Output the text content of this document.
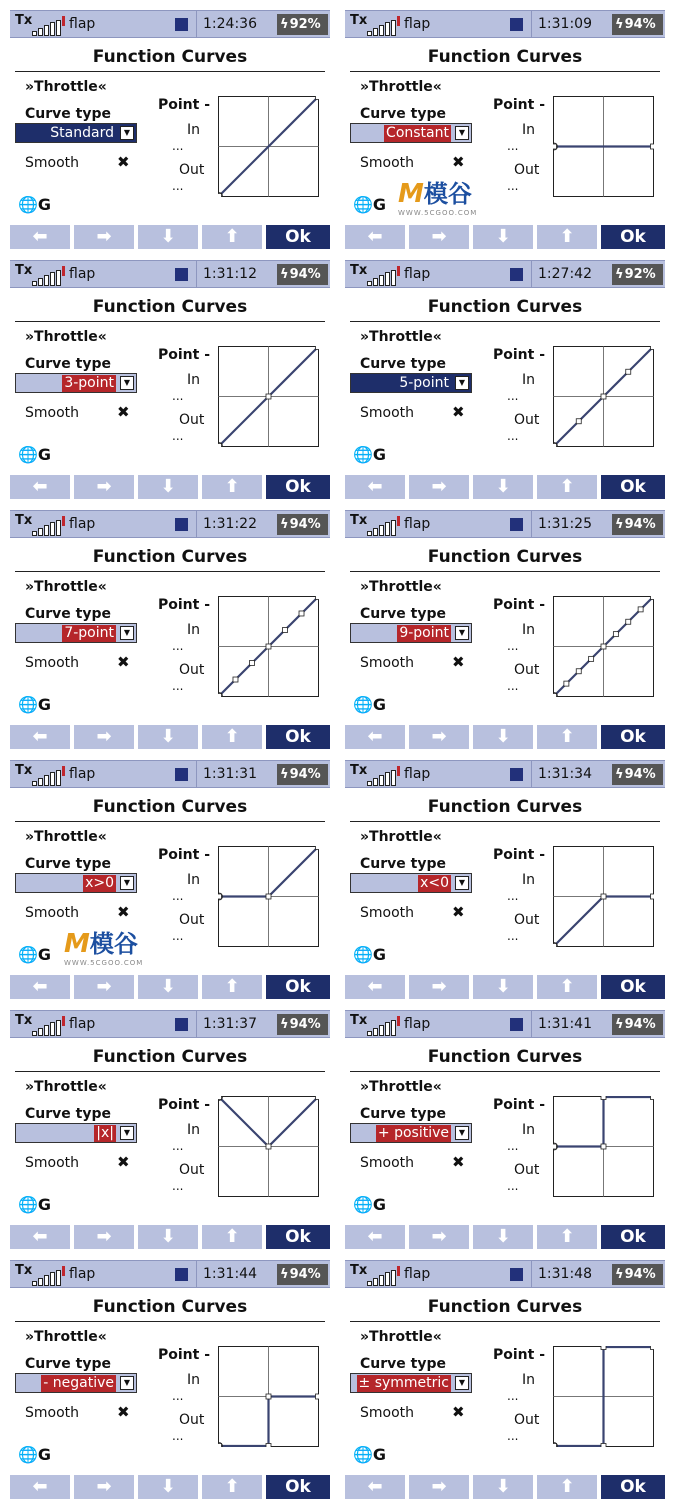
Tx	flap	1:24:36 ϟ92%
Function Curves
»Throttle«
Curve type
Standard	▼
Smooth	✖
🌐G
Point -
In
...
Out
...
⬅	➡	⬇	⬆	Ok
Tx	flap	1:31:09 ϟ94%
Function Curves
»Throttle«
Curve type
Constant	▼
Smooth	✖
🌐G
Point -
In
...
Out
...
⬅	➡	⬇	⬆	Ok
Tx	flap	1:31:12 ϟ94%
Function Curves
»Throttle«
Curve type
3-point	▼
Smooth	✖
🌐G
Point -
In
...
Out
...
⬅	➡	⬇	⬆	Ok
Tx	flap	1:27:42 ϟ92%
Function Curves
»Throttle«
Curve type
5-point	▼
Smooth	✖
🌐G
Point -
In
...
Out
...
⬅	➡	⬇	⬆	Ok
Tx	flap	1:31:22 ϟ94%
Function Curves
»Throttle«
Curve type
7-point	▼
Smooth	✖
🌐G
Point -
In
...
Out
...
⬅	➡	⬇	⬆	Ok
Tx	flap	1:31:25 ϟ94%
Function Curves
»Throttle«
Curve type
9-point	▼
Smooth	✖
🌐G
Point -
In
...
Out
...
⬅	➡	⬇	⬆	Ok
Tx	flap	1:31:31 ϟ94%
Function Curves
»Throttle«
Curve type
x>0	▼
Smooth	✖
🌐G
Point -
In
...
Out
...
⬅	➡	⬇	⬆	Ok
Tx	flap	1:31:34 ϟ94%
Function Curves
»Throttle«
Curve type
x<0	▼
Smooth	✖
🌐G
Point -
In
...
Out
...
⬅	➡	⬇	⬆	Ok
Tx	flap	1:31:37 ϟ94%
Function Curves
»Throttle«
Curve type
|x|	▼
Smooth	✖
🌐G
Point -
In
...
Out
...
⬅	➡	⬇	⬆	Ok
Tx	flap	1:31:41 ϟ94%
Function Curves
»Throttle«
Curve type
+ positive	▼
Smooth	✖
🌐G
Point -
In
...
Out
...
⬅	➡	⬇	⬆	Ok
Tx	flap	1:31:44 ϟ94%
Function Curves
»Throttle«
Curve type
- negative	▼
Smooth	✖
🌐G
Point -
In
...
Out
...
⬅	➡	⬇	⬆	Ok
Tx	flap	1:31:48 ϟ94%
Function Curves
»Throttle«
Curve type
± symmetric	▼
Smooth	✖
🌐G
Point -
In
...
Out
...
⬅	➡	⬇	⬆	Ok
M模谷
WWW.5CGOO.COM
M模谷
WWW.5CGOO.COM
